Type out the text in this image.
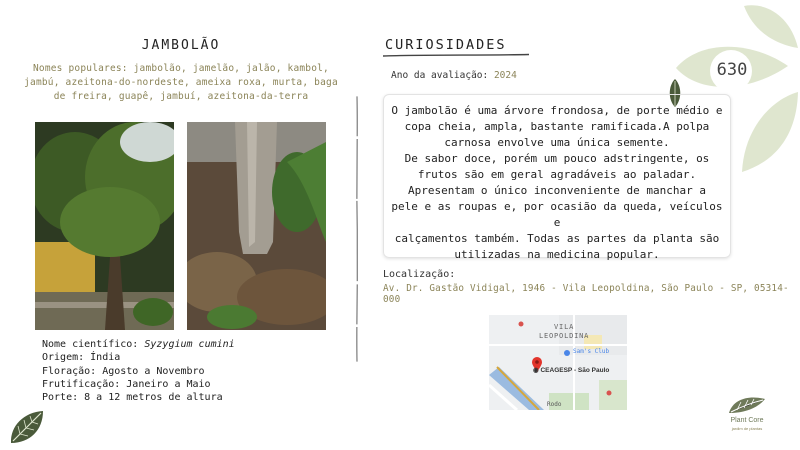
630
JAMBOLÃO
Nomes populares: jambolão, jamelão, jalão, kambol, jambú, azeitona-do-nordeste, ameixa roxa, murta, baga de freira, guapê, jambuí, azeitona-da-terra
Nome científico: Syzygium cumini
Origem: Índia
Floração: Agosto a Novembro
Frutificação: Janeiro a Maio
Porte: 8 a 12 metros de altura
CURIOSIDADES
Ano da avaliação: 2024
O jambolão é uma árvore frondosa, de porte médio e
copa cheia, ampla, bastante ramificada.A polpa
carnosa envolve uma única semente.
De sabor doce, porém um pouco adstringente, os
frutos são em geral agradáveis ao paladar.
Apresentam o único inconveniente de manchar a
pele e as roupas e, por ocasião da queda, veículos e
calçamentos também. Todas as partes da planta são
utilizadas na medicina popular.
Localização:
Av. Dr. Gastão Vidigal, 1946 - Vila Leopoldina, São Paulo - SP, 05314-000
VILA
LEOPOLDINA
Sam's Club
◉ CEAGESP - São Paulo
Rodo
Plant Core
jardim de plantas
